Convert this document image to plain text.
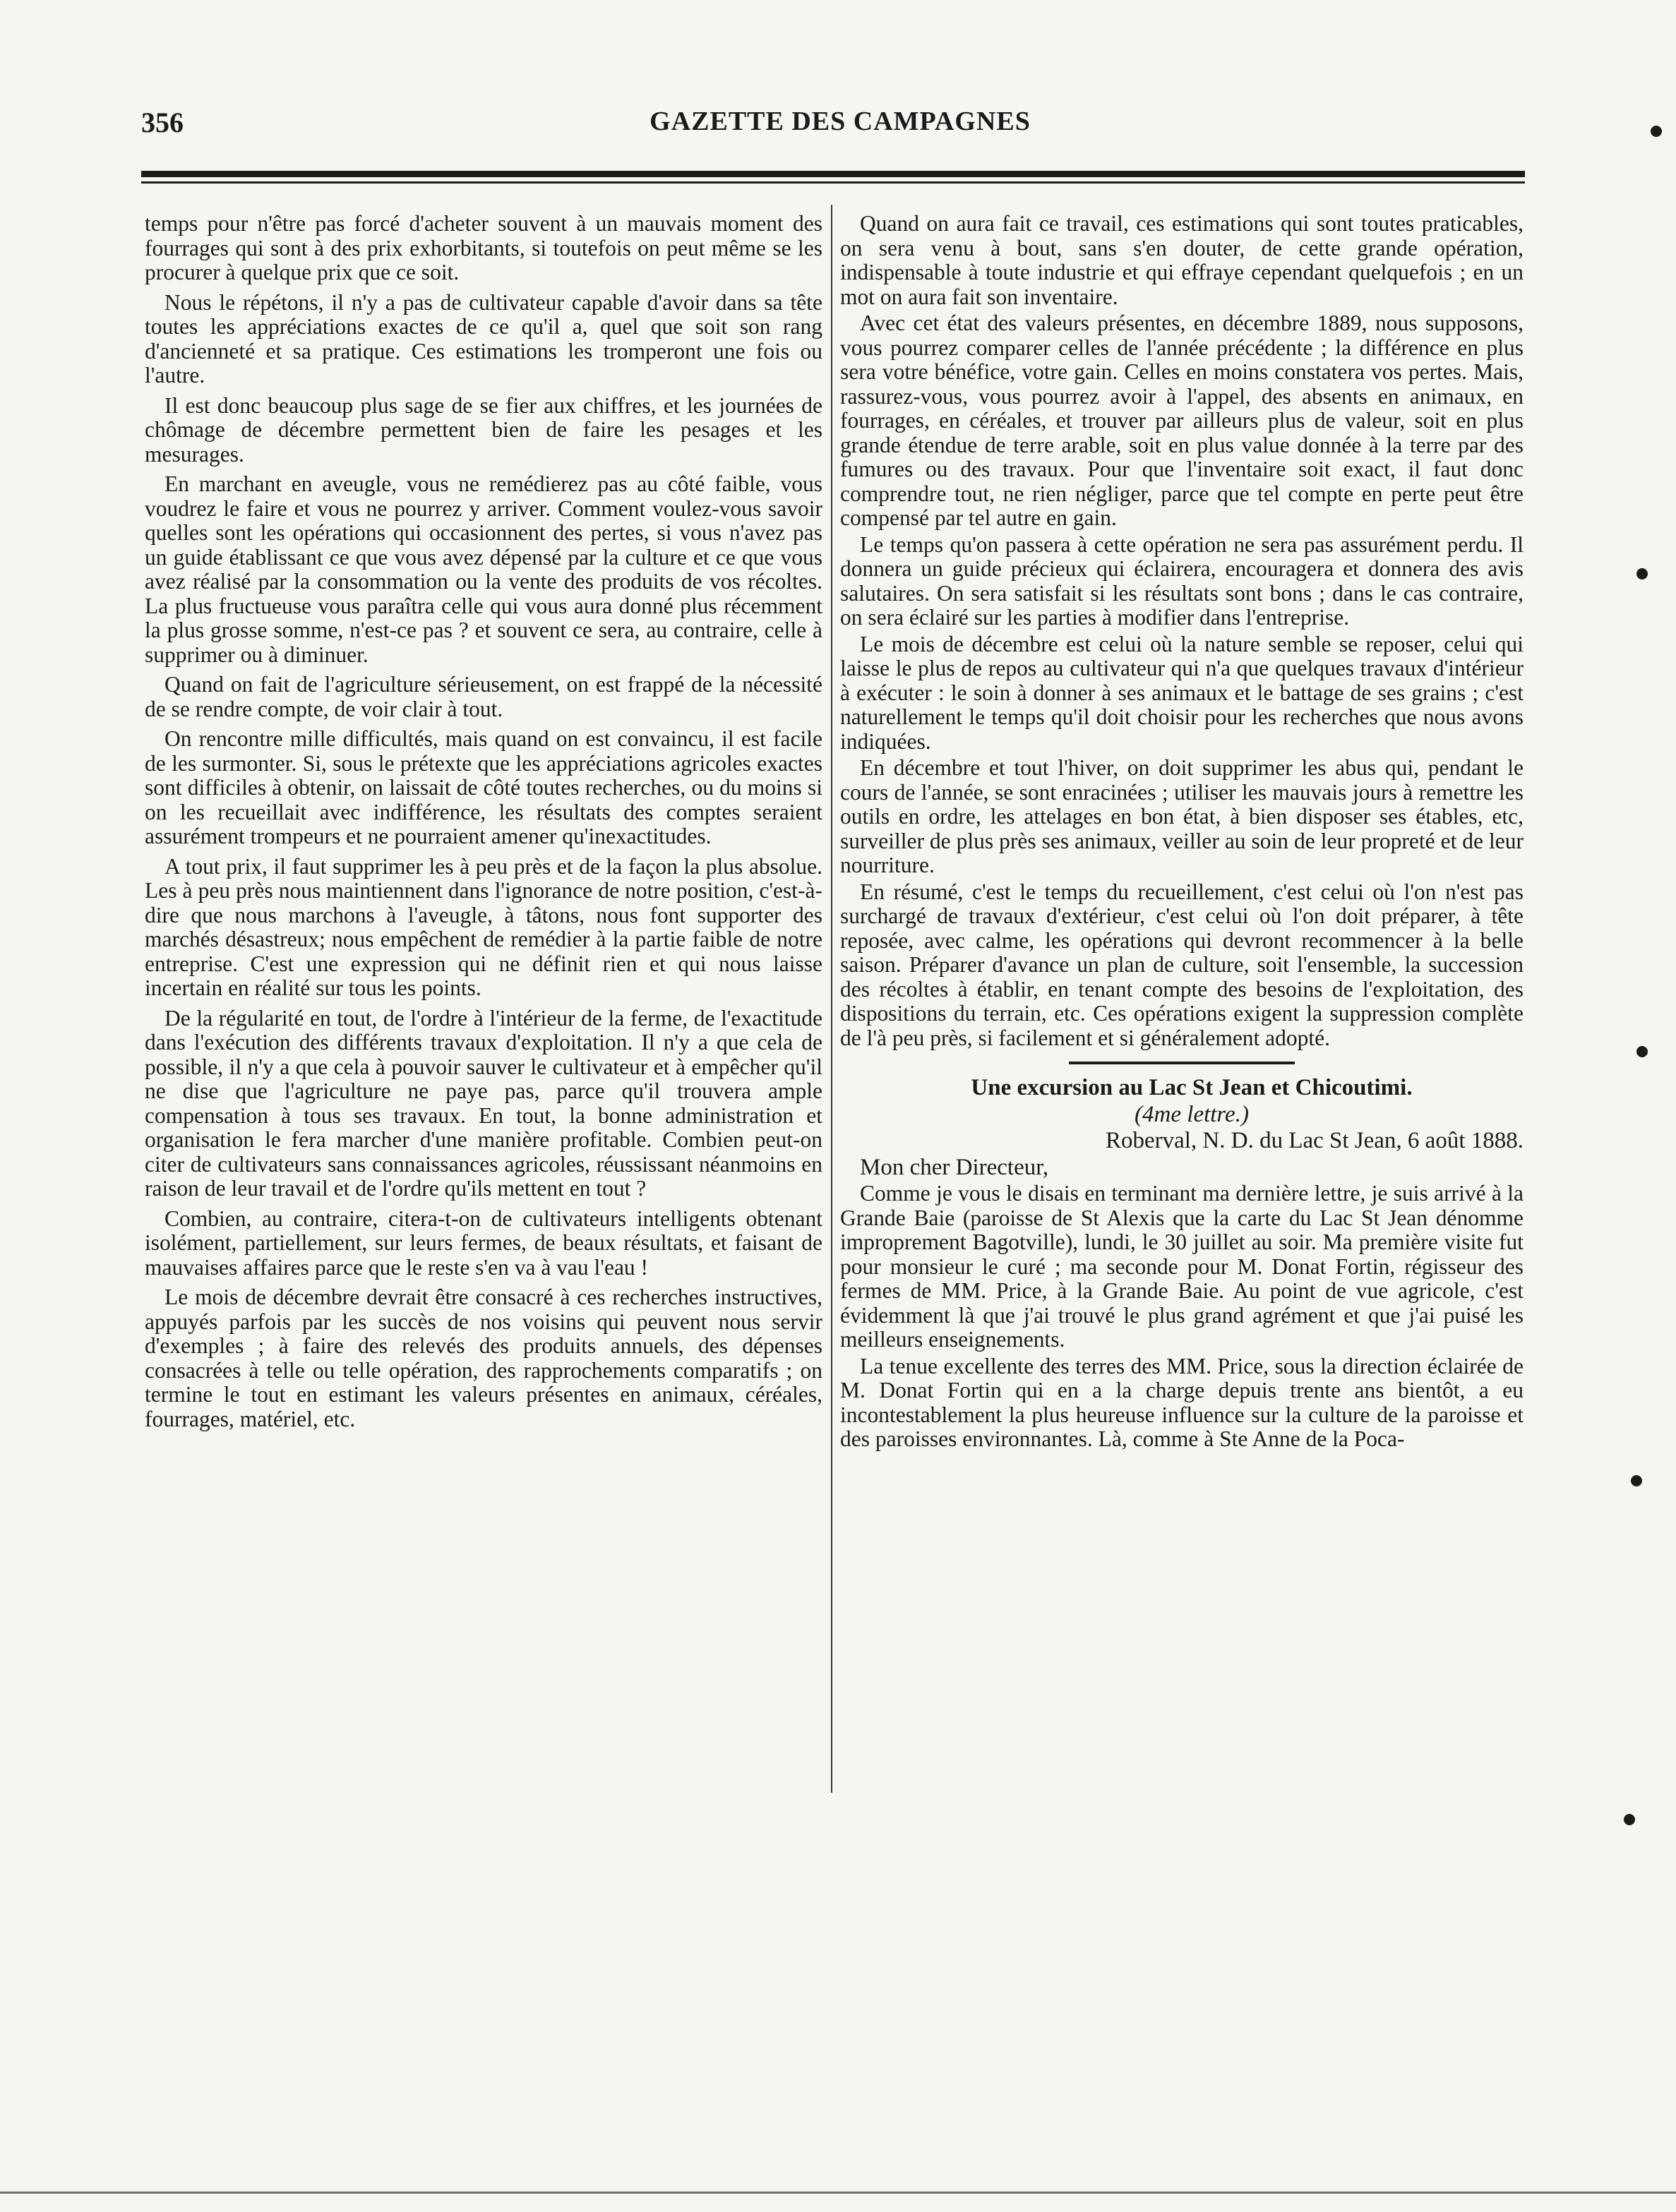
356	GAZETTE DES CAMPAGNES

temps pour n'être pas forcé d'acheter souvent à un mauvais moment des fourrages qui sont à des prix exhorbitants, si toutefois on peut même se les procurer à quelque prix que ce soit.

Nous le répétons, il n'y a pas de cultivateur capable d'avoir dans sa tête toutes les appréciations exactes de ce qu'il a, quel que soit son rang d'ancienneté et sa pratique. Ces estimations les tromperont une fois ou l'autre.

Il est donc beaucoup plus sage de se fier aux chiffres, et les journées de chômage de décembre permettent bien de faire les pesages et les mesurages.

En marchant en aveugle, vous ne remédierez pas au côté faible, vous voudrez le faire et vous ne pourrez y arriver. Comment voulez-vous savoir quelles sont les opérations qui occasionnent des pertes, si vous n'avez pas un guide établissant ce que vous avez dépensé par la culture et ce que vous avez réalisé par la consommation ou la vente des produits de vos récoltes. La plus fructueuse vous paraîtra celle qui vous aura donné plus récemment la plus grosse somme, n'est-ce pas ? et souvent ce sera, au contraire, celle à supprimer ou à diminuer.

Quand on fait de l'agriculture sérieusement, on est frappé de la nécessité de se rendre compte, de voir clair à tout.

On rencontre mille difficultés, mais quand on est convaincu, il est facile de les surmonter. Si, sous le prétexte que les appréciations agricoles exactes sont difficiles à obtenir, on laissait de côté toutes recherches, ou du moins si on les recueillait avec indifférence, les résultats des comptes seraient assurément trompeurs et ne pourraient amener qu'inexactitudes.

A tout prix, il faut supprimer les à peu près et de la façon la plus absolue. Les à peu près nous maintiennent dans l'ignorance de notre position, c'est-à-dire que nous marchons à l'aveugle, à tâtons, nous font supporter des marchés désastreux; nous empêchent de remédier à la partie faible de notre entreprise. C'est une expression qui ne définit rien et qui nous laisse incertain en réalité sur tous les points.

De la régularité en tout, de l'ordre à l'intérieur de la ferme, de l'exactitude dans l'exécution des différents travaux d'exploitation. Il n'y a que cela de possible, il n'y a que cela à pouvoir sauver le cultivateur et à empêcher qu'il ne dise que l'agriculture ne paye pas, parce qu'il trouvera ample compensation à tous ses travaux. En tout, la bonne administration et organisation le fera marcher d'une manière profitable. Combien peut-on citer de cultivateurs sans connaissances agricoles, réussissant néanmoins en raison de leur travail et de l'ordre qu'ils mettent en tout ?

Combien, au contraire, citera-t-on de cultivateurs intelligents obtenant isolément, partiellement, sur leurs fermes, de beaux résultats, et faisant de mauvaises affaires parce que le reste s'en va à vau l'eau !

Le mois de décembre devrait être consacré à ces recherches instructives, appuyés parfois par les succès de nos voisins qui peuvent nous servir d'exemples ; à faire des relevés des produits annuels, des dépenses consacrées à telle ou telle opération, des rapprochements comparatifs ; on termine le tout en estimant les valeurs présentes en animaux, céréales, fourrages, matériel, etc.

Quand on aura fait ce travail, ces estimations qui sont toutes praticables, on sera venu à bout, sans s'en douter, de cette grande opération, indispensable à toute industrie et qui effraye cependant quelquefois ; en un mot on aura fait son inventaire.

Avec cet état des valeurs présentes, en décembre 1889, nous supposons, vous pourrez comparer celles de l'année précédente ; la différence en plus sera votre bénéfice, votre gain. Celles en moins constatera vos pertes. Mais, rassurez-vous, vous pourrez avoir à l'appel, des absents en animaux, en fourrages, en céréales, et trouver par ailleurs plus de valeur, soit en plus grande étendue de terre arable, soit en plus value donnée à la terre par des fumures ou des travaux. Pour que l'inventaire soit exact, il faut donc comprendre tout, ne rien négliger, parce que tel compte en perte peut être compensé par tel autre en gain.

Le temps qu'on passera à cette opération ne sera pas assurément perdu. Il donnera un guide précieux qui éclairera, encouragera et donnera des avis salutaires. On sera satisfait si les résultats sont bons ; dans le cas contraire, on sera éclairé sur les parties à modifier dans l'entreprise.

Le mois de décembre est celui où la nature semble se reposer, celui qui laisse le plus de repos au cultivateur qui n'a que quelques travaux d'intérieur à exécuter : le soin à donner à ses animaux et le battage de ses grains ; c'est naturellement le temps qu'il doit choisir pour les recherches que nous avons indiquées.

En décembre et tout l'hiver, on doit supprimer les abus qui, pendant le cours de l'année, se sont enracinées ; utiliser les mauvais jours à remettre les outils en ordre, les attelages en bon état, à bien disposer ses étables, etc, surveiller de plus près ses animaux, veiller au soin de leur propreté et de leur nourriture.

En résumé, c'est le temps du recueillement, c'est celui où l'on n'est pas surchargé de travaux d'extérieur, c'est celui où l'on doit préparer, à tête reposée, avec calme, les opérations qui devront recommencer à la belle saison. Préparer d'avance un plan de culture, soit l'ensemble, la succession des récoltes à établir, en tenant compte des besoins de l'exploitation, des dispositions du terrain, etc. Ces opérations exigent la suppression complète de l'à peu près, si facilement et si généralement adopté.

Une excursion au Lac St Jean et Chicoutimi.

(4me lettre.)

Roberval, N. D. du Lac St Jean, 6 août 1888.

Mon cher Directeur,

Comme je vous le disais en terminant ma dernière lettre, je suis arrivé à la Grande Baie (paroisse de St Alexis que la carte du Lac St Jean dénomme improprement Bagotville), lundi, le 30 juillet au soir. Ma première visite fut pour monsieur le curé ; ma seconde pour M. Donat Fortin, régisseur des fermes de MM. Price, à la Grande Baie. Au point de vue agricole, c'est évidemment là que j'ai trouvé le plus grand agrément et que j'ai puisé les meilleurs enseignements.

La tenue excellente des terres des MM. Price, sous la direction éclairée de M. Donat Fortin qui en a la charge depuis trente ans bientôt, a eu incontestablement la plus heureuse influence sur la culture de la paroisse et des paroisses environnantes. Là, comme à Ste Anne de la Poca-
